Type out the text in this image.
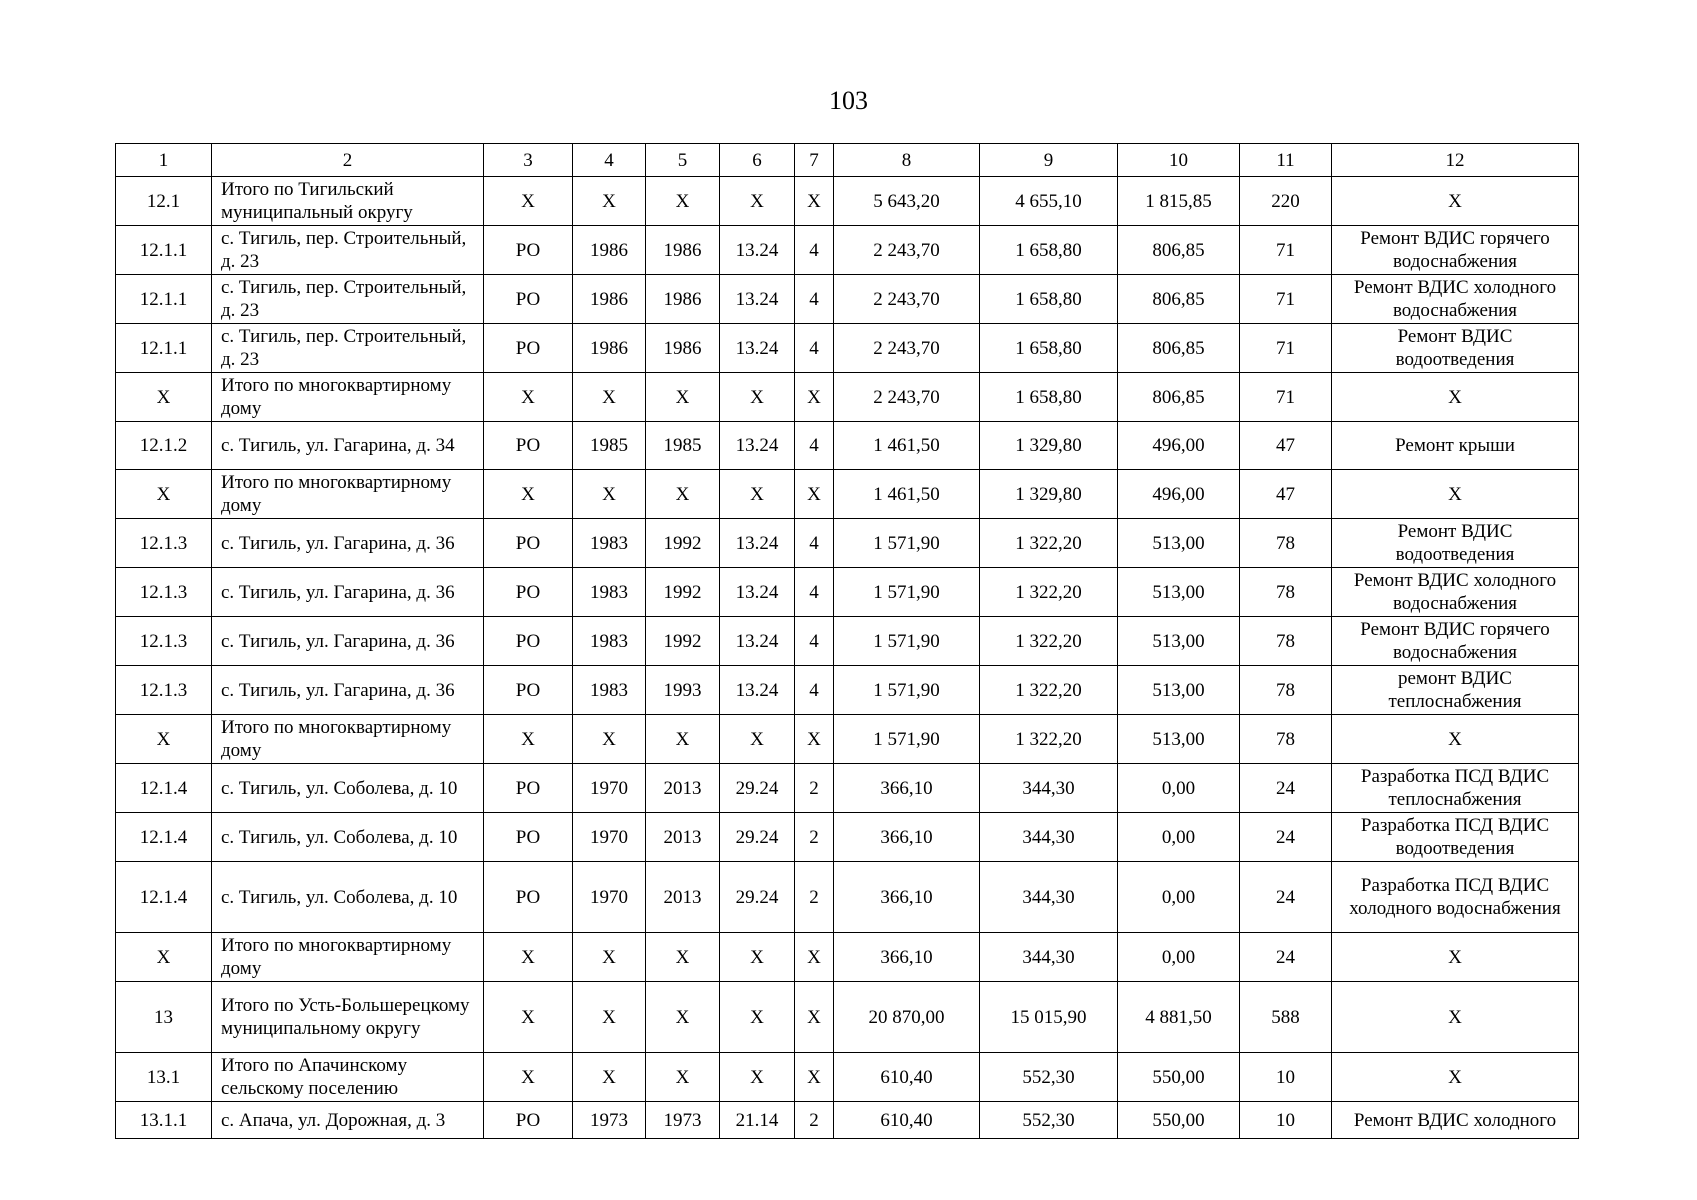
103
1	2	3	4	5	6	7	8	9	10	11	12
12.1	Итого по Тигильский муниципальный округу	Х	Х	Х	Х	Х	5 643,20	4 655,10	1 815,85	220	Х
12.1.1	с. Тигиль, пер. Строительный, д. 23	РО	1986	1986	13.24	4	2 243,70	1 658,80	806,85	71	Ремонт ВДИС горячего водоснабжения
12.1.1	с. Тигиль, пер. Строительный, д. 23	РО	1986	1986	13.24	4	2 243,70	1 658,80	806,85	71	Ремонт ВДИС холодного водоснабжения
12.1.1	с. Тигиль, пер. Строительный, д. 23	РО	1986	1986	13.24	4	2 243,70	1 658,80	806,85	71	Ремонт ВДИС водоотведения
Х	Итого по многоквартирному дому	Х	Х	Х	Х	Х	2 243,70	1 658,80	806,85	71	Х
12.1.2	с. Тигиль, ул. Гагарина, д. 34	РО	1985	1985	13.24	4	1 461,50	1 329,80	496,00	47	Ремонт крыши
Х	Итого по многоквартирному дому	Х	Х	Х	Х	Х	1 461,50	1 329,80	496,00	47	Х
12.1.3	с. Тигиль, ул. Гагарина, д. 36	РО	1983	1992	13.24	4	1 571,90	1 322,20	513,00	78	Ремонт ВДИС водоотведения
12.1.3	с. Тигиль, ул. Гагарина, д. 36	РО	1983	1992	13.24	4	1 571,90	1 322,20	513,00	78	Ремонт ВДИС холодного водоснабжения
12.1.3	с. Тигиль, ул. Гагарина, д. 36	РО	1983	1992	13.24	4	1 571,90	1 322,20	513,00	78	Ремонт ВДИС горячего водоснабжения
12.1.3	с. Тигиль, ул. Гагарина, д. 36	РО	1983	1993	13.24	4	1 571,90	1 322,20	513,00	78	ремонт ВДИС теплоснабжения
Х	Итого по многоквартирному дому	Х	Х	Х	Х	Х	1 571,90	1 322,20	513,00	78	Х
12.1.4	с. Тигиль, ул. Соболева, д. 10	РО	1970	2013	29.24	2	366,10	344,30	0,00	24	Разработка ПСД ВДИС теплоснабжения
12.1.4	с. Тигиль, ул. Соболева, д. 10	РО	1970	2013	29.24	2	366,10	344,30	0,00	24	Разработка ПСД ВДИС водоотведения
12.1.4	с. Тигиль, ул. Соболева, д. 10	РО	1970	2013	29.24	2	366,10	344,30	0,00	24	Разработка ПСД ВДИС холодного водоснабжения
Х	Итого по многоквартирному дому	Х	Х	Х	Х	Х	366,10	344,30	0,00	24	Х
13	Итого по Усть-Большерецкому муниципальному округу	Х	Х	Х	Х	Х	20 870,00	15 015,90	4 881,50	588	Х
13.1	Итого по Апачинскому сельскому поселению	Х	Х	Х	Х	Х	610,40	552,30	550,00	10	Х
13.1.1	с. Апача, ул. Дорожная, д. 3	РО	1973	1973	21.14	2	610,40	552,30	550,00	10	Ремонт ВДИС холодного
